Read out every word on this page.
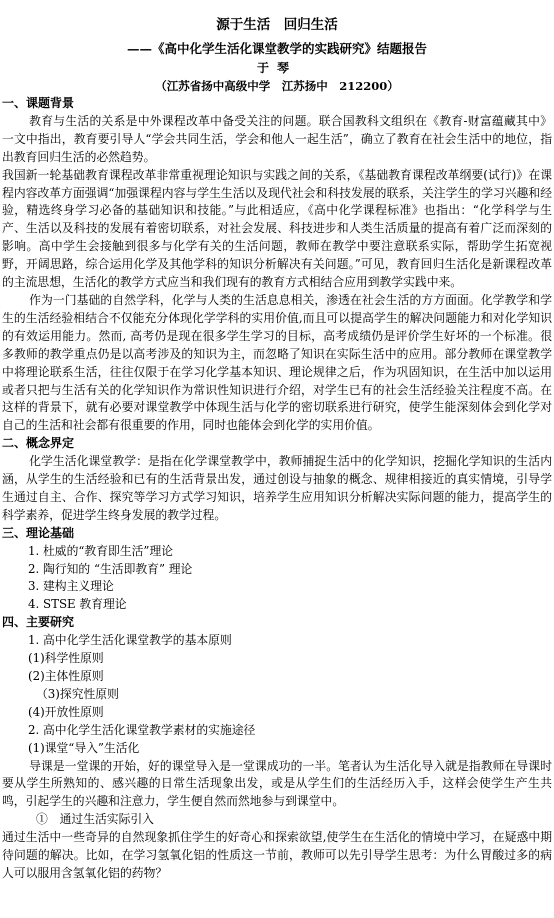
源于生活　回归生活
——《高中化学生活化课堂教学的实践研究》结题报告
于琴
（江苏省扬中高级中学　江苏扬中　212200）

一、课题背景

教育与生活的关系是中外课程改革中备受关注的问题。联合国教科文组织在《教育-财富蕴藏其中》一文中指出，教育要引导人“学会共同生活，学会和他人一起生活”，确立了教育在社会生活中的地位，指出教育回归生活的必然趋势。

我国新一轮基础教育课程改革非常重视理论知识与实践之间的关系，《基础教育课程改革纲要(试行)》在课程内容改革方面强调“加强课程内容与学生生活以及现代社会和科技发展的联系，关注学生的学习兴趣和经验，精选终身学习必备的基础知识和技能。”与此相适应，《高中化学课程标准》也指出：“化学科学与生产、生活以及科技的发展有着密切联系，对社会发展、科技进步和人类生活质量的提高有着广泛而深刻的影响。高中学生会接触到很多与化学有关的生活问题，教师在教学中要注意联系实际，帮助学生拓宽视野，开阔思路，综合运用化学及其他学科的知识分析解决有关问题。”可见，教育回归生活化是新课程改革的主流思想，生活化的教学方式应当和我们现有的教育方式相结合应用到教学实践中来。

作为一门基础的自然学科，化学与人类的生活息息相关，渗透在社会生活的方方面面。化学教学和学生的生活经验相结合不仅能充分体现化学学科的实用价值,而且可以提高学生的解决问题能力和对化学知识的有效运用能力。然而, 高考仍是现在很多学生学习的目标，高考成绩仍是评价学生好坏的一个标准。很多教师的教学重点仍是以高考涉及的知识为主，而忽略了知识在实际生活中的应用。部分教师在课堂教学中将理论联系生活，往往仅限于在学习化学基本知识、理论规律之后，作为巩固知识，在生活中加以运用或者只把与生活有关的化学知识作为常识性知识进行介绍，对学生已有的社会生活经验关注程度不高。在这样的背景下，就有必要对课堂教学中体现生活与化学的密切联系进行研究，使学生能深刻体会到化学对自己的生活和社会都有很重要的作用，同时也能体会到化学的实用价值。

二、概念界定

化学生活化课堂教学：是指在化学课堂教学中，教师捕捉生活中的化学知识，挖掘化学知识的生活内涵，从学生的生活经验和已有的生活背景出发，通过创设与抽象的概念、规律相接近的真实情境，引导学生通过自主、合作、探究等学习方式学习知识，培养学生应用知识分析解决实际问题的能力，提高学生的科学素养，促进学生终身发展的教学过程。

三、理论基础

1. 杜威的“教育即生活”理论

2. 陶行知的 “生活即教育” 理论

3. 建构主义理论

4. STSE 教育理论

四、主要研究

1. 高中化学生活化课堂教学的基本原则

(1)科学性原则

(2)主体性原则

（3)探究性原则

(4)开放性原则

2. 高中化学生活化课堂教学素材的实施途径

(1)课堂“导入”生活化

导课是一堂课的开始，好的课堂导入是一堂课成功的一半。笔者认为生活化导入就是指教师在导课时要从学生所熟知的、感兴趣的日常生活现象出发，或是从学生们的生活经历入手，这样会使学生产生共鸣，引起学生的兴趣和注意力，学生便自然而然地参与到课堂中。

①　通过生活实际引入

通过生活中一些奇异的自然现象抓住学生的好奇心和探索欲望,使学生在生活化的情境中学习，在疑惑中期待问题的解决。比如，在学习氢氧化铝的性质这一节前，教师可以先引导学生思考：为什么胃酸过多的病人可以服用含氢氧化铝的药物？
